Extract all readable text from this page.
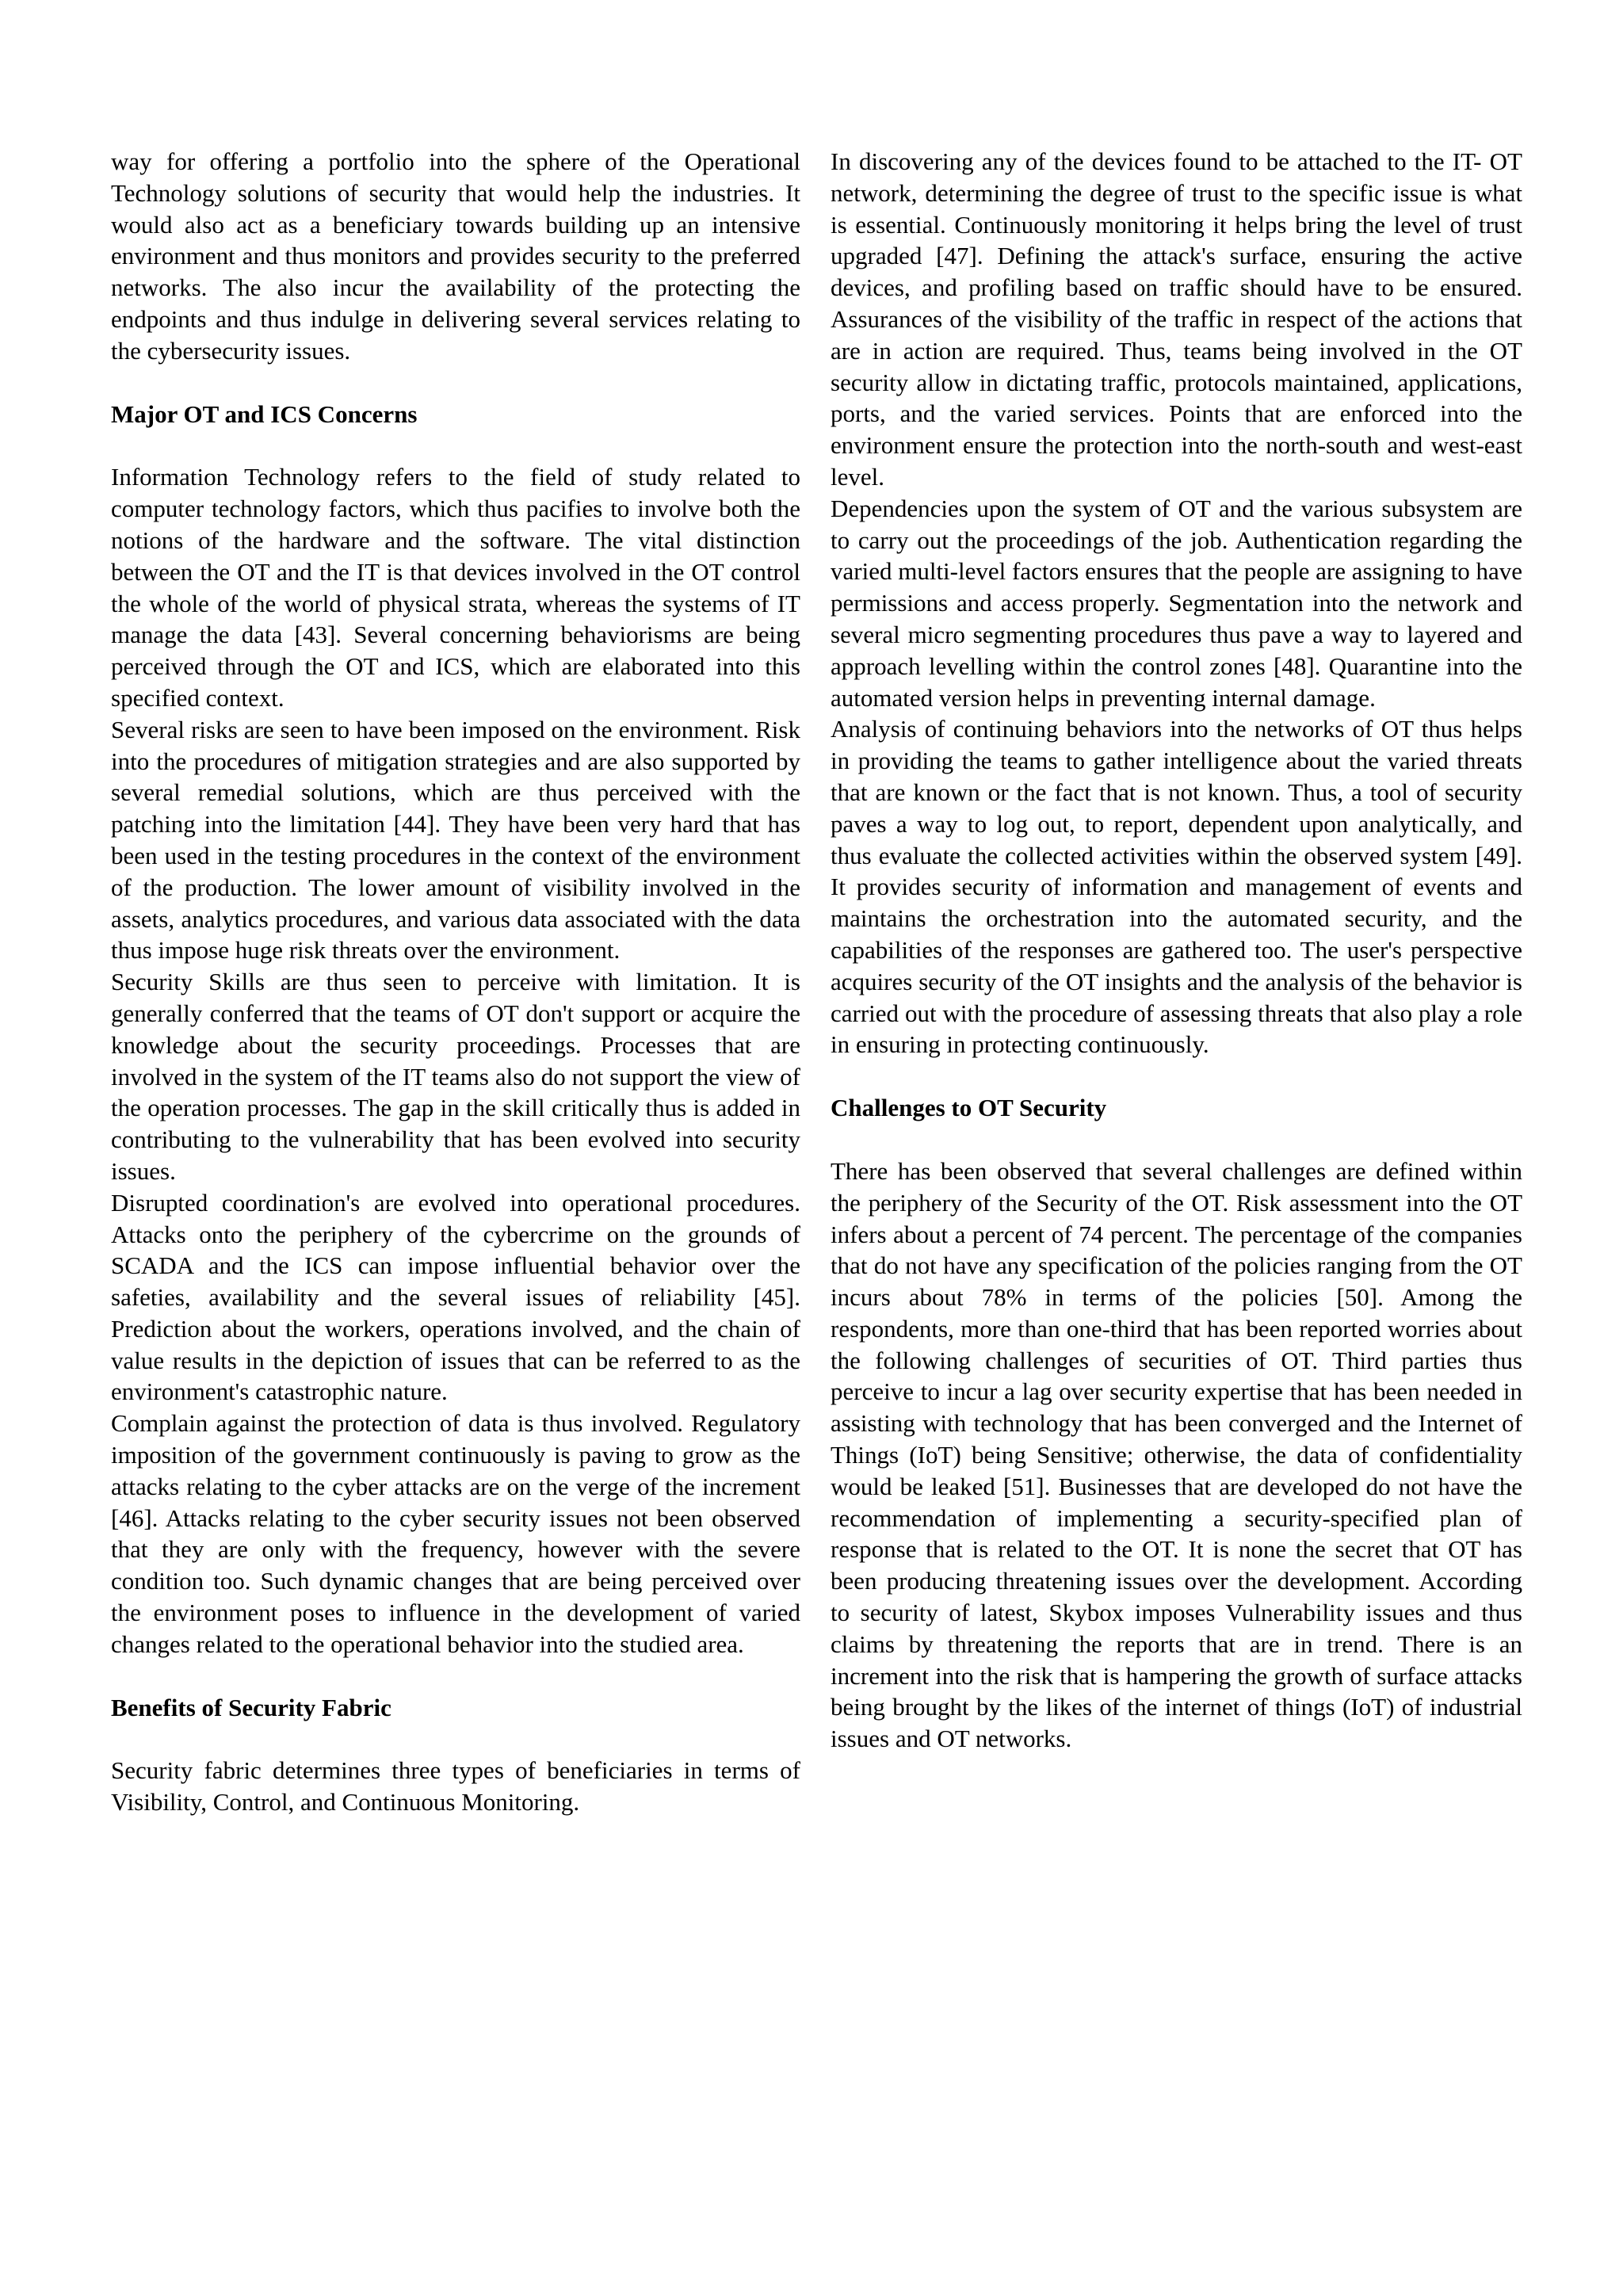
way for offering a portfolio into the sphere of the Operational Technology solutions of security that would help the industries. It would also act as a beneficiary towards building up an intensive environment and thus monitors and provides security to the preferred networks. The also incur the availability of the protecting the endpoints and thus indulge in delivering several services relating to the cybersecurity issues.

Major OT and ICS Concerns

Information Technology refers to the field of study related to computer technology factors, which thus pacifies to involve both the notions of the hardware and the software. The vital distinction between the OT and the IT is that devices involved in the OT control the whole of the world of physical strata, whereas the systems of IT manage the data [43]. Several concerning behaviorisms are being perceived through the OT and ICS, which are elaborated into this specified context.

Several risks are seen to have been imposed on the environment. Risk into the procedures of mitigation strategies and are also supported by several remedial solutions, which are thus perceived with the patching into the limitation [44]. They have been very hard that has been used in the testing procedures in the context of the environment of the production. The lower amount of visibility involved in the assets, analytics procedures, and various data associated with the data thus impose huge risk threats over the environment.

Security Skills are thus seen to perceive with limitation. It is generally conferred that the teams of OT don't support or acquire the knowledge about the security proceedings. Processes that are involved in the system of the IT teams also do not support the view of the operation processes. The gap in the skill critically thus is added in contributing to the vulnerability that has been evolved into security issues.

Disrupted coordination's are evolved into operational procedures. Attacks onto the periphery of the cybercrime on the grounds of SCADA and the ICS can impose influential behavior over the safeties, availability and the several issues of reliability [45]. Prediction about the workers, operations involved, and the chain of value results in the depiction of issues that can be referred to as the environment's catastrophic nature.

Complain against the protection of data is thus involved. Regulatory imposition of the government continuously is paving to grow as the attacks relating to the cyber attacks are on the verge of the increment [46]. Attacks relating to the cyber security issues not been observed that they are only with the frequency, however with the severe condition too. Such dynamic changes that are being perceived over the environment poses to influence in the development of varied changes related to the operational behavior into the studied area.

Benefits of Security Fabric

Security fabric determines three types of beneficiaries in terms of Visibility, Control, and Continuous Monitoring.

In discovering any of the devices found to be attached to the IT- OT network, determining the degree of trust to the specific issue is what is essential. Continuously monitoring it helps bring the level of trust upgraded [47]. Defining the attack's surface, ensuring the active devices, and profiling based on traffic should have to be ensured. Assurances of the visibility of the traffic in respect of the actions that are in action are required. Thus, teams being involved in the OT security allow in dictating traffic, protocols maintained, applications, ports, and the varied services. Points that are enforced into the environment ensure the protection into the north-south and west-east level.

Dependencies upon the system of OT and the various subsystem are to carry out the proceedings of the job. Authentication regarding the varied multi-level factors ensures that the people are assigning to have permissions and access properly. Segmentation into the network and several micro segmenting procedures thus pave a way to layered and approach levelling within the control zones [48]. Quarantine into the automated version helps in preventing internal damage.

Analysis of continuing behaviors into the networks of OT thus helps in providing the teams to gather intelligence about the varied threats that are known or the fact that is not known. Thus, a tool of security paves a way to log out, to report, dependent upon analytically, and thus evaluate the collected activities within the observed system [49]. It provides security of information and management of events and maintains the orchestration into the automated security, and the capabilities of the responses are gathered too. The user's perspective acquires security of the OT insights and the analysis of the behavior is carried out with the procedure of assessing threats that also play a role in ensuring in protecting continuously.

Challenges to OT Security

There has been observed that several challenges are defined within the periphery of the Security of the OT. Risk assessment into the OT infers about a percent of 74 percent. The percentage of the companies that do not have any specification of the policies ranging from the OT incurs about 78% in terms of the policies [50]. Among the respondents, more than one-third that has been reported worries about the following challenges of securities of OT. Third parties thus perceive to incur a lag over security expertise that has been needed in assisting with technology that has been converged and the Internet of Things (IoT) being Sensitive; otherwise, the data of confidentiality would be leaked [51]. Businesses that are developed do not have the recommendation of implementing a security-specified plan of response that is related to the OT. It is none the secret that OT has been producing threatening issues over the development. According to security of latest, Skybox imposes Vulnerability issues and thus claims by threatening the reports that are in trend. There is an increment into the risk that is hampering the growth of surface attacks being brought by the likes of the internet of things (IoT) of industrial issues and OT networks.
